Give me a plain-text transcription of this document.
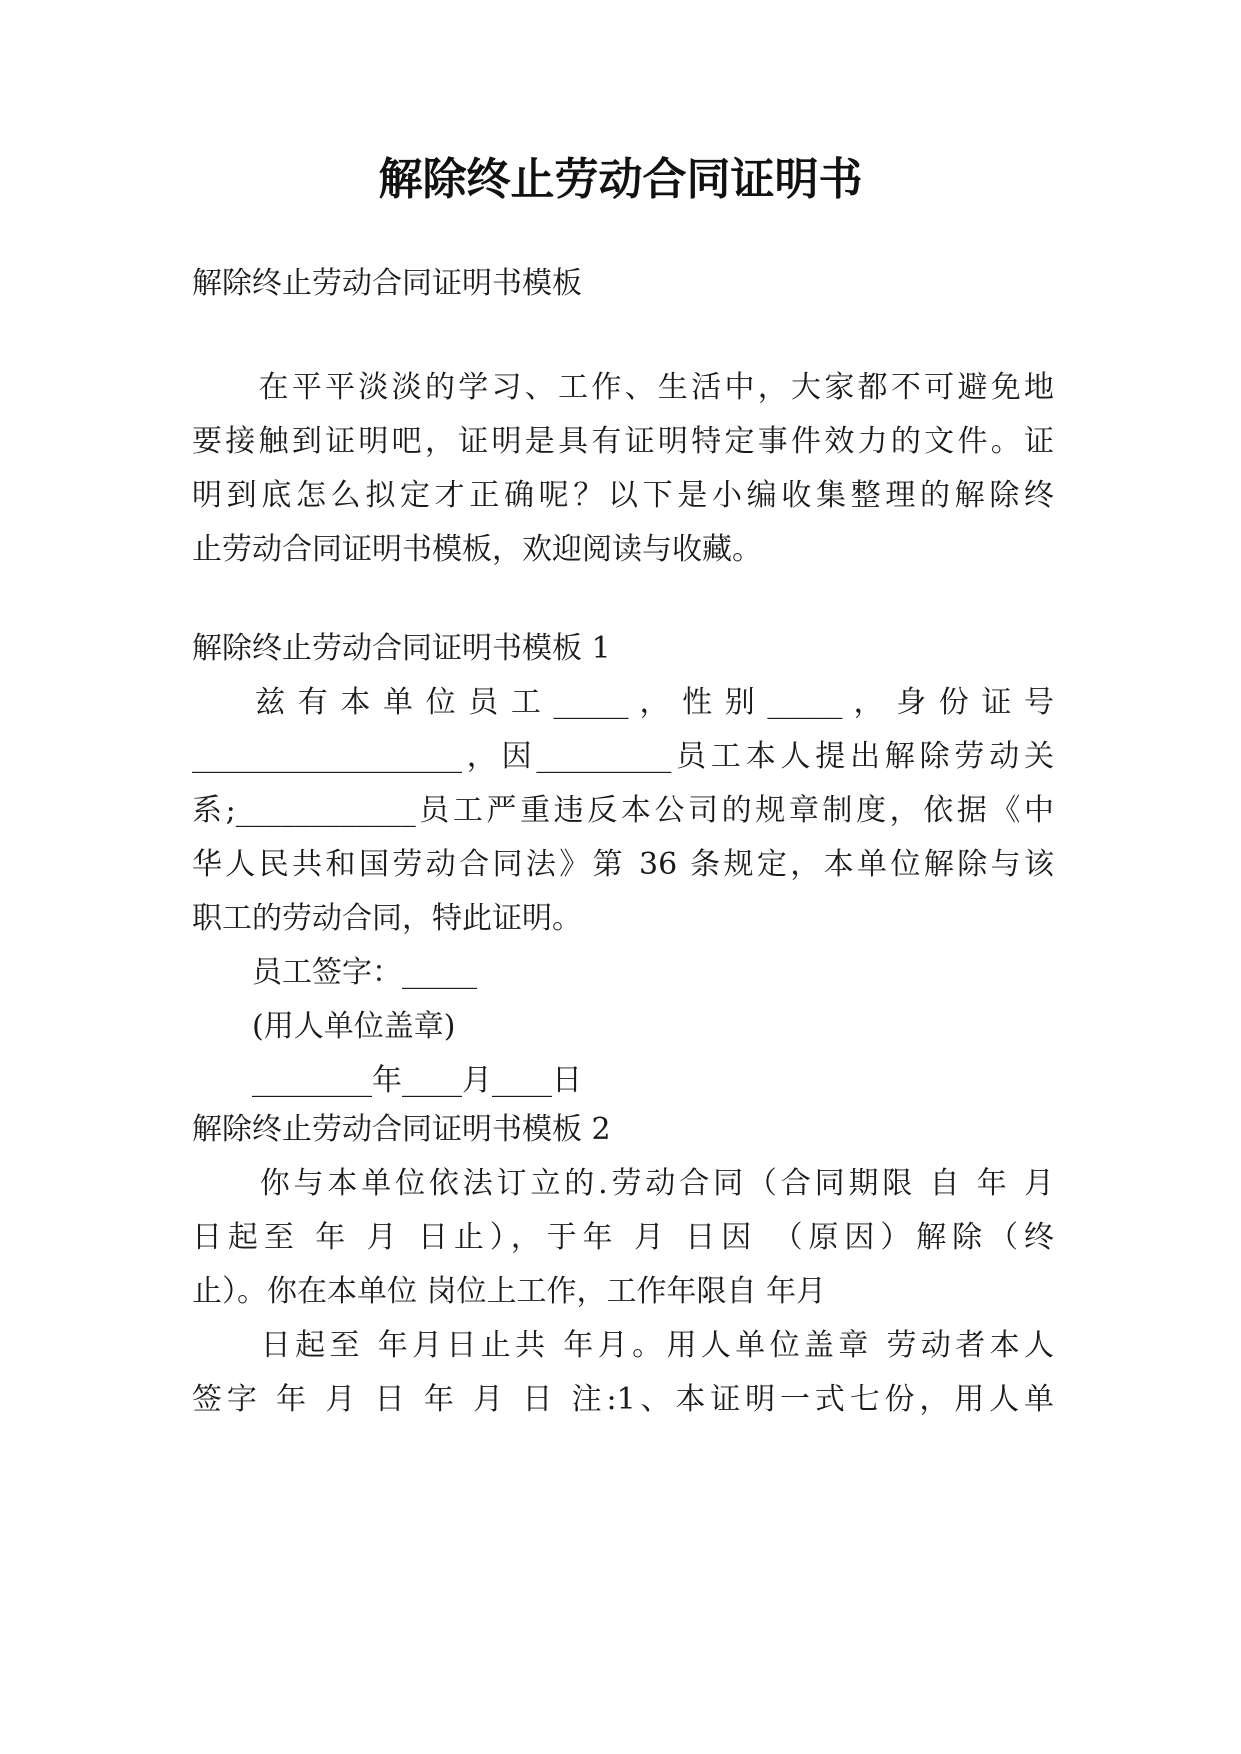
解除终止劳动合同证明书

解除终止劳动合同证明书模板

　　在平平淡淡的学习、工作、生活中，大家都不可避免地

要接触到证明吧，证明是具有证明特定事件效力的文件。证

明到底怎么拟定才正确呢？以下是小编收集整理的解除终

止劳动合同证明书模板，欢迎阅读与收藏。

解除终止劳动合同证明书模板 1

　　兹 有 本 单 位 员 工 _____ ， 性 别 _____ ， 身 份 证 号

__________________，因_________员工本人提出解除劳动关

系;____________员工严重违反本公司的规章制度，依据《中

华人民共和国劳动合同法》第 36 条规定，本单位解除与该

职工的劳动合同，特此证明。

　　员工签字：_____

　　(用人单位盖章)

　　________年____月____日

解除终止劳动合同证明书模板 2

　　你与本单位依法订立的.劳动合同（合同期限 自 年 月

日起至 年 月 日止），于年 月 日因 （原因）解除（终

止）。你在本单位 岗位上工作，工作年限自 年月

　　日起至 年月日止共 年月。用人单位盖章 劳动者本人

签字 年 月 日 年 月 日 注:1、本证明一式七份，用人单
